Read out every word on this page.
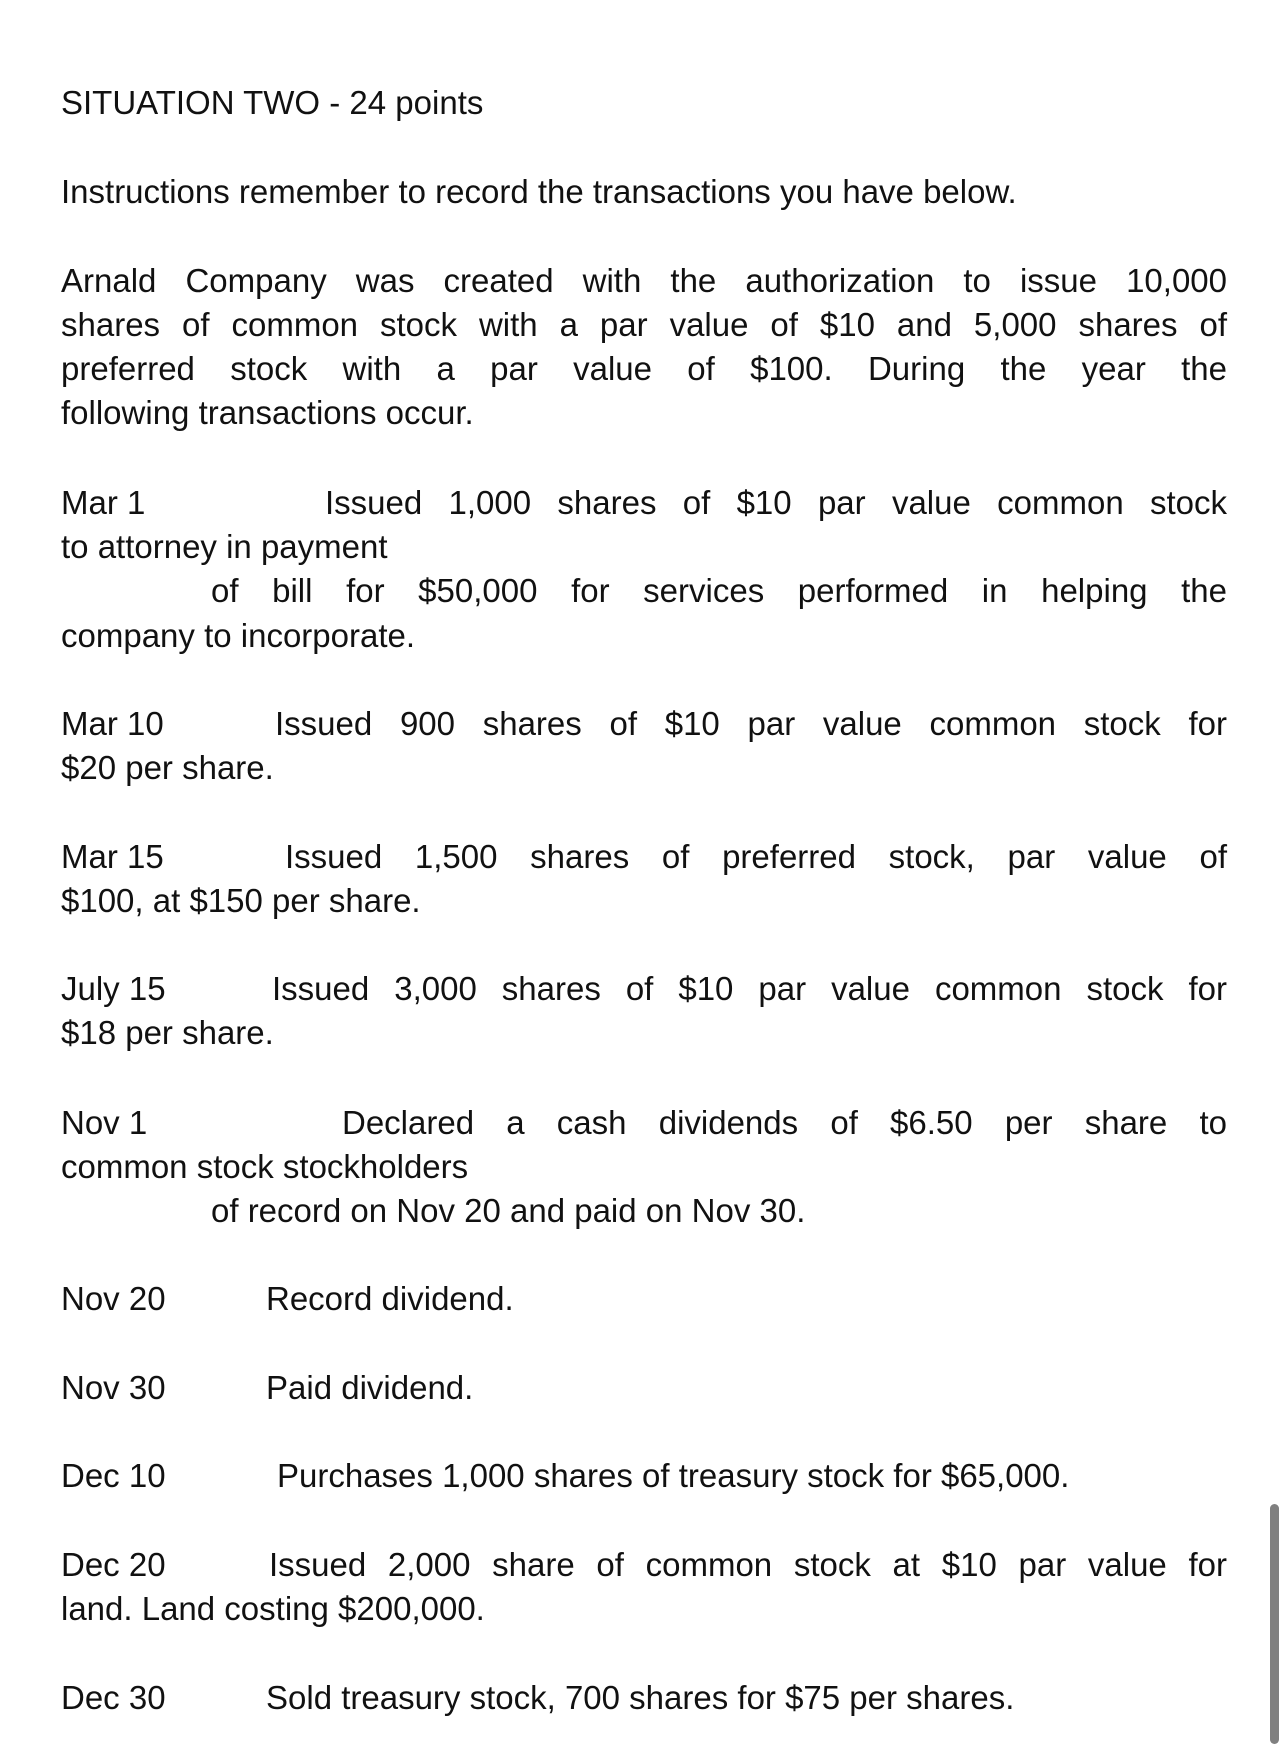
SITUATION TWO - 24 points
Instructions remember to record the transactions you have below.
Arnald Company was created with the authorization to issue 10,000
shares of common stock with a par value of $10 and 5,000 shares of
preferred stock with a par value of $100. During the year the
following transactions occur.
Mar 1	Issued 1,000 shares of $10 par value common stock
to attorney in payment
of bill for $50,000 for services performed in helping the
company to incorporate.
Mar 10	Issued 900 shares of $10 par value common stock for
$20 per share.
Mar 15	Issued 1,500 shares of preferred stock, par value of
$100, at $150 per share.
July 15	Issued 3,000 shares of $10 par value common stock for
$18 per share.
Nov 1	Declared a cash dividends of $6.50 per share to
common stock stockholders
of record on Nov 20 and paid on Nov 30.
Nov 20	Record dividend.
Nov 30	Paid dividend.
Dec 10	Purchases 1,000 shares of treasury stock for $65,000.
Dec 20	Issued 2,000 share of common stock at $10 par value for
land. Land costing $200,000.
Dec 30	Sold treasury stock, 700 shares for $75 per shares.
